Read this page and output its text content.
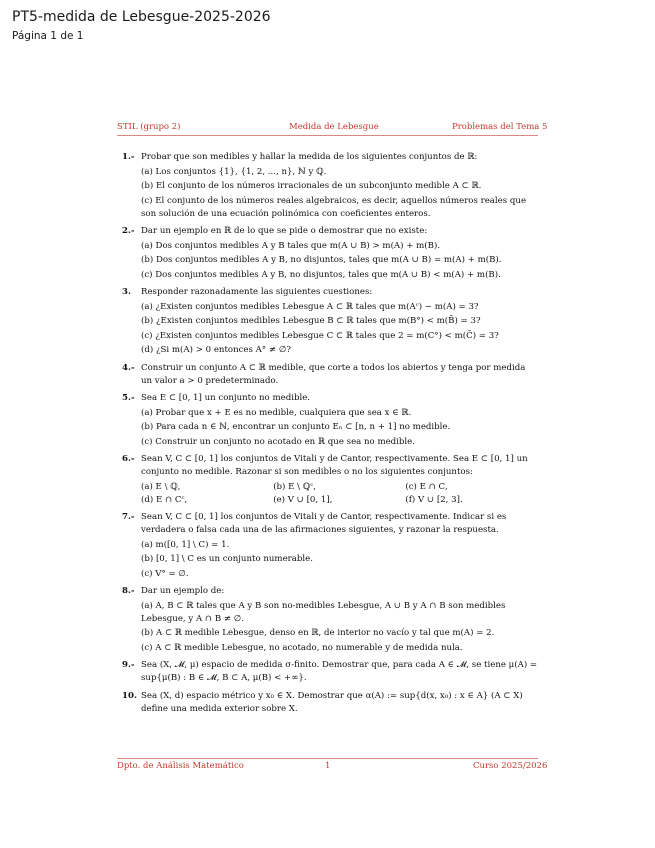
PT5-medida de Lebesgue-2025-2026
Página 1 de 1
STIL (grupo 2)	Medida de Lebesgue	Problemas del Tema 5
1.- Probar que son medibles y hallar la medida de los siguientes conjuntos de ℝ:
(a) Los conjuntos {1}, {1, 2, ..., n}, ℕ y ℚ.
(b) El conjunto de los números irracionales de un subconjunto medible A ⊂ ℝ.
(c) El conjunto de los números reales algebraicos, es decir, aquellos números reales que son solución de una ecuación polinómica con coeficientes enteros.
2.- Dar un ejemplo en ℝ de lo que se pide o demostrar que no existe:
(a) Dos conjuntos medibles A y B tales que m(A ∪ B) > m(A) + m(B).
(b) Dos conjuntos medibles A y B, no disjuntos, tales que m(A ∪ B) = m(A) + m(B).
(c) Dos conjuntos medibles A y B, no disjuntos, tales que m(A ∪ B) < m(A) + m(B).
3. Responder razonadamente las siguientes cuestiones:
(a) ¿Existen conjuntos medibles Lebesgue A ⊂ ℝ tales que m(Aᶜ) − m(A) = 3?
(b) ¿Existen conjuntos medibles Lebesgue B ⊂ ℝ tales que m(B°) < m(B̄) = 3?
(c) ¿Existen conjuntos medibles Lebesgue C ⊂ ℝ tales que 2 = m(C°) < m(C̄) = 3?
(d) ¿Si m(A) > 0 entonces A° ≠ ∅?
4.- Construir un conjunto A ⊂ ℝ medible, que corte a todos los abiertos y tenga por medida un valor a > 0 predeterminado.
5.- Sea E ⊂ [0, 1] un conjunto no medible.
(a) Probar que x + E es no medible, cualquiera que sea x ∈ ℝ.
(b) Para cada n ∈ ℕ, encontrar un conjunto Eₙ ⊂ [n, n + 1] no medible.
(c) Construir un conjunto no acotado en ℝ que sea no medible.
6.- Sean V, C ⊂ [0, 1] los conjuntos de Vitali y de Cantor, respectivamente. Sea E ⊂ [0, 1] un conjunto no medible. Razonar si son medibles o no los siguientes conjuntos:
(a) E \ ℚ,	(b) E \ ℚᶜ,	(c) E ∩ C,
(d) E ∩ Cᶜ,	(e) V ∪ [0, 1],	(f) V ∪ [2, 3].
7.- Sean V, C ⊂ [0, 1] los conjuntos de Vitali y de Cantor, respectivamente. Indicar si es verdadera o falsa cada una de las afirmaciones siguientes, y razonar la respuesta.
(a) m([0, 1] \ C) = 1.
(b) [0, 1] \ C es un conjunto numerable.
(c) V° = ∅.
8.- Dar un ejemplo de:
(a) A, B ⊂ ℝ tales que A y B son no-medibles Lebesgue, A ∪ B y A ∩ B son medibles Lebesgue, y A ∩ B ≠ ∅.
(b) A ⊂ ℝ medible Lebesgue, denso en ℝ, de interior no vacío y tal que m(A) = 2.
(c) A ⊂ ℝ medible Lebesgue, no acotado, no numerable y de medida nula.
9.- Sea (X, 𝓜, μ) espacio de medida σ-finito. Demostrar que, para cada A ∈ 𝓜, se tiene μ(A) = sup{μ(B) : B ∈ 𝓜, B ⊂ A, μ(B) < +∞}.
10. Sea (X, d) espacio métrico y x₀ ∈ X. Demostrar que α(A) := sup{d(x, x₀) : x ∈ A} (A ⊂ X) define una medida exterior sobre X.
Dpto. de Análisis Matemático	1	Curso 2025/2026
